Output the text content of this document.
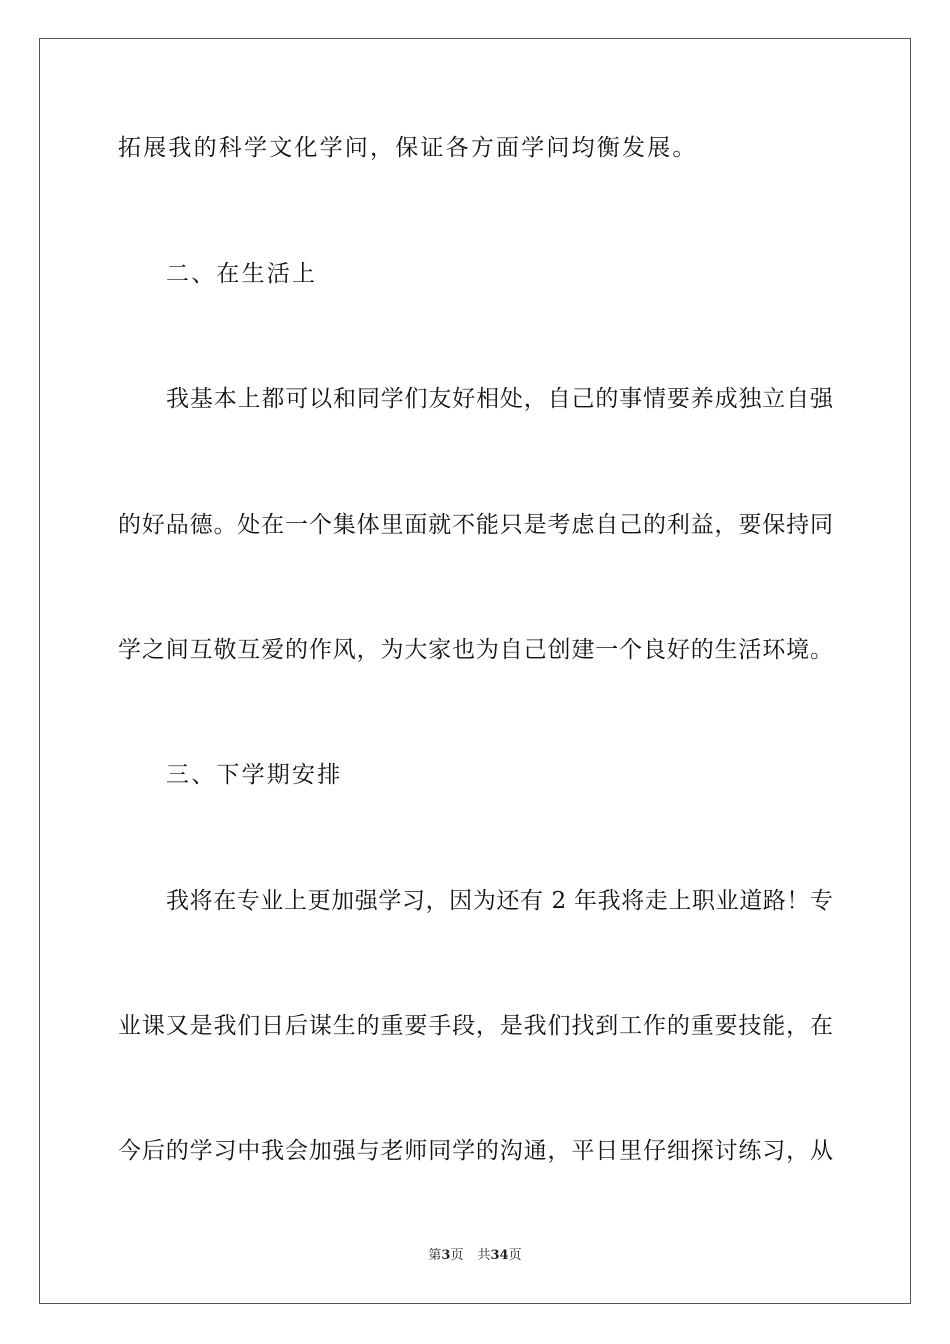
拓展我的科学文化学问，保证各方面学问均衡发展。
二、在生活上
我基本上都可以和同学们友好相处，自己的事情要养成独立自强
的好品德。处在一个集体里面就不能只是考虑自己的利益，要保持同
学之间互敬互爱的作风，为大家也为自己创建一个良好的生活环境。
三、下学期安排
我将在专业上更加强学习，因为还有 2 年我将走上职业道路！专
业课又是我们日后谋生的重要手段，是我们找到工作的重要技能，在
今后的学习中我会加强与老师同学的沟通，平日里仔细探讨练习，从
第3页 共34页
